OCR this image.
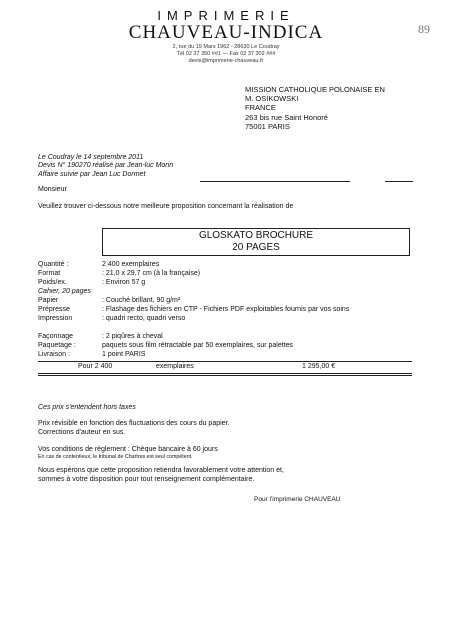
IMPRIMERIE
CHAUVEAU-INDICA
2, rue du 19 Mars 1962 - 28630 Le Coudray
Tél 02 37 350 ##1 — Fax 02 37 302 ###
devis@imprimerie-chauveau.fr
89
MISSION CATHOLIQUE POLONAISE EN
M. OSIKOWSKI
FRANCE
263 bis rue Saint Honoré
75001 PARIS
Le Coudray le 14 septembre 2011
Devis N° 190270 réalisé par Jean-luc Morin
Affaire suivie par Jean Luc Dormet
Monsieur
Veuillez trouver ci-dessous notre meilleure proposition concernant la réalisation de
GLOSKATO BROCHURE
20 PAGES
Quantité :	2 400 exemplaires
Format	: 21,0 x 29,7 cm (à la française)
Poids/ex.	: Environ 57 g
Cahier, 20 pages
Papier	: Couché brillant, 90 g/m²
Prépresse	: Flashage des fichiers en CTP - Fichiers PDF exploitables fournis par vos soins
Impression	: quadri recto, quadri verso
Façonnage	: 2 piqûres à cheval
Paquetage :	paquets sous film rétractable par 50 exemplaires, sur palettes
Livraison :	1 point PARIS
Pour 2 400	exemplaires	1 295,00 €
Ces prix s'entendent hors taxes
Prix révisible en fonction des fluctuations des cours du papier.
Corrections d'auteur en sus.
Vos conditions de règlement : Chèque bancaire à 60 jours
En cas de contentieux, le tribunal de Chartres est seul compétent.
Nous espérons que cette proposition retiendra favorablement votre attention et,
sommes à votre disposition pour tout renseignement complémentaire.
Pour l'imprimerie CHAUVEAU
